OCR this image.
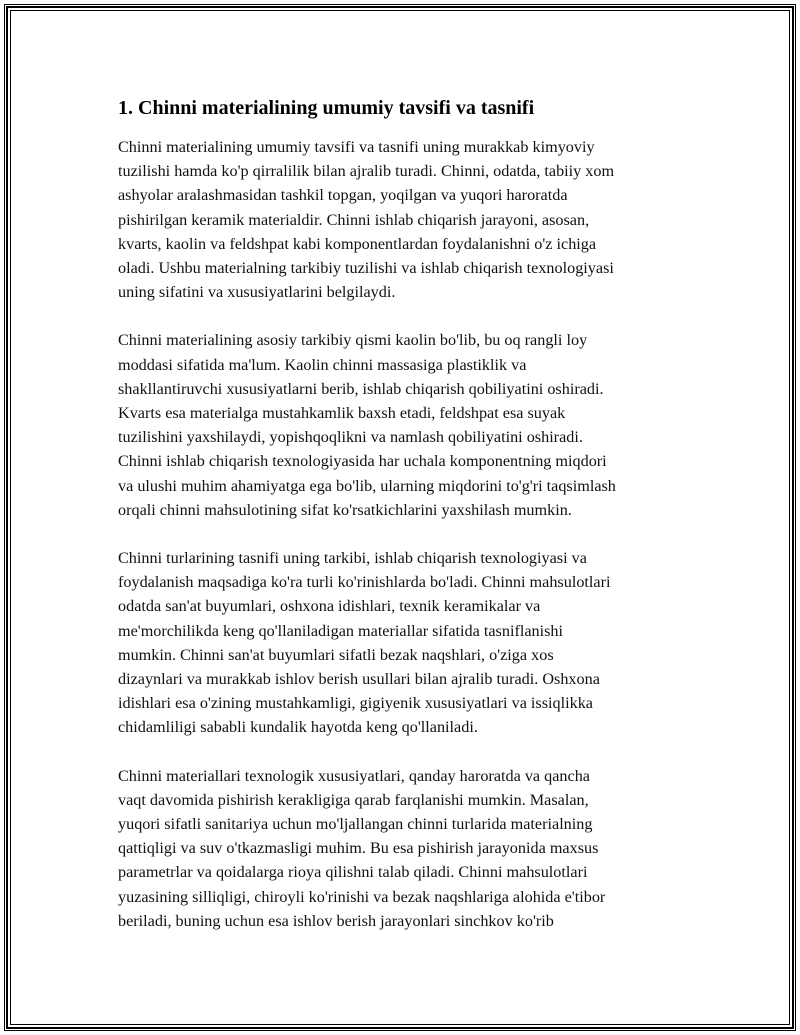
1. Chinni materialining umumiy tavsifi va tasnifi

Chinni materialining umumiy tavsifi va tasnifi uning murakkab kimyoviy
tuzilishi hamda ko'p qirralilik bilan ajralib turadi. Chinni, odatda, tabiiy xom
ashyolar aralashmasidan tashkil topgan, yoqilgan va yuqori haroratda
pishirilgan keramik materialdir. Chinni ishlab chiqarish jarayoni, asosan,
kvarts, kaolin va feldshpat kabi komponentlardan foydalanishni o'z ichiga
oladi. Ushbu materialning tarkibiy tuzilishi va ishlab chiqarish texnologiyasi
uning sifatini va xususiyatlarini belgilaydi.

Chinni materialining asosiy tarkibiy qismi kaolin bo'lib, bu oq rangli loy
moddasi sifatida ma'lum. Kaolin chinni massasiga plastiklik va
shakllantiruvchi xususiyatlarni berib, ishlab chiqarish qobiliyatini oshiradi.
Kvarts esa materialga mustahkamlik baxsh etadi, feldshpat esa suyak
tuzilishini yaxshilaydi, yopishqoqlikni va namlash qobiliyatini oshiradi.
Chinni ishlab chiqarish texnologiyasida har uchala komponentning miqdori
va ulushi muhim ahamiyatga ega bo'lib, ularning miqdorini to'g'ri taqsimlash
orqali chinni mahsulotining sifat ko'rsatkichlarini yaxshilash mumkin.

Chinni turlarining tasnifi uning tarkibi, ishlab chiqarish texnologiyasi va
foydalanish maqsadiga ko'ra turli ko'rinishlarda bo'ladi. Chinni mahsulotlari
odatda san'at buyumlari, oshxona idishlari, texnik keramikalar va
me'morchilikda keng qo'llaniladigan materiallar sifatida tasniflanishi
mumkin. Chinni san'at buyumlari sifatli bezak naqshlari, o'ziga xos
dizaynlari va murakkab ishlov berish usullari bilan ajralib turadi. Oshxona
idishlari esa o'zining mustahkamligi, gigiyenik xususiyatlari va issiqlikka
chidamliligi sababli kundalik hayotda keng qo'llaniladi.

Chinni materiallari texnologik xususiyatlari, qanday haroratda va qancha
vaqt davomida pishirish kerakligiga qarab farqlanishi mumkin. Masalan,
yuqori sifatli sanitariya uchun mo'ljallangan chinni turlarida materialning
qattiqligi va suv o'tkazmasligi muhim. Bu esa pishirish jarayonida maxsus
parametrlar va qoidalarga rioya qilishni talab qiladi. Chinni mahsulotlari
yuzasining silliqligi, chiroyli ko'rinishi va bezak naqshlariga alohida e'tibor
beriladi, buning uchun esa ishlov berish jarayonlari sinchkov ko'rib
